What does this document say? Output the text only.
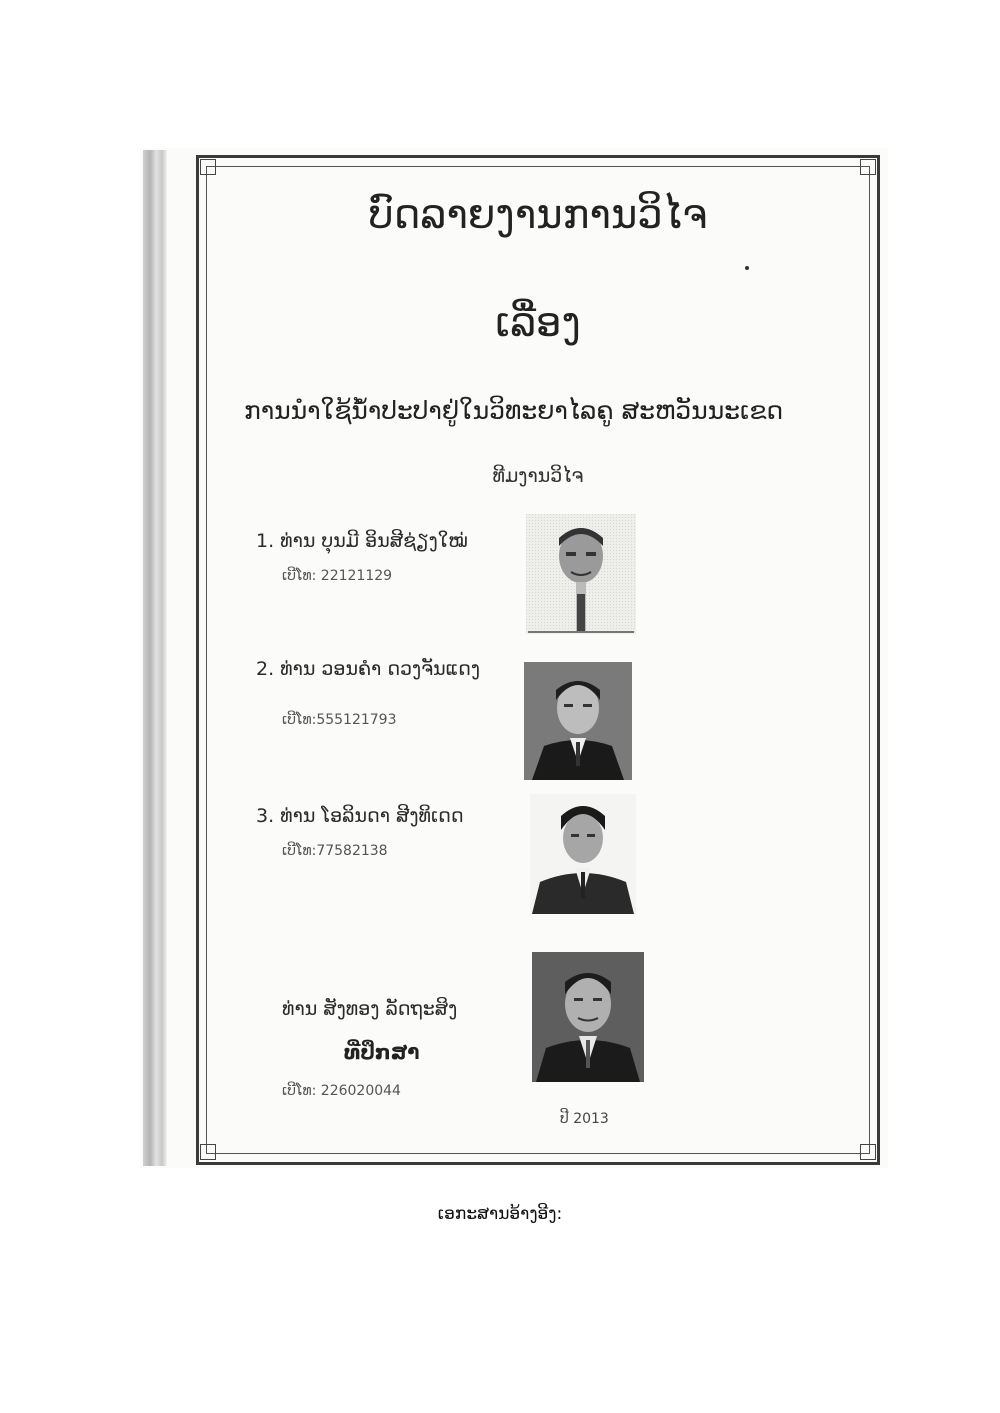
ບົດລາຍງານການວິໄຈ
ເລື່ອງ
ການນຳໃຊ້ນ້ຳປະປາຢູ່ໃນວິທະຍາໄລຄູ ສະຫວັນນະເຂດ
ທີມງານວິໄຈ
1. ທ່ານ ບຸນມີ ອິນສີຊ່ຽງໃໝ່
ເບີໂທ: 22121129
2. ທ່ານ ວອນຄຳ ດວງຈັນແດງ
ເບີໂທ:555121793
3. ທ່ານ ໂອລິນດາ ສີງທິເດດ
ເບີໂທ:77582138
ທ່ານ ສັງທອງ ລັດຖະສິງ
ທີ່ປຶກສາ
ເບີໂທ: 226020044
ປີ 2013
ເອກະສານອ້າງອີງ:
